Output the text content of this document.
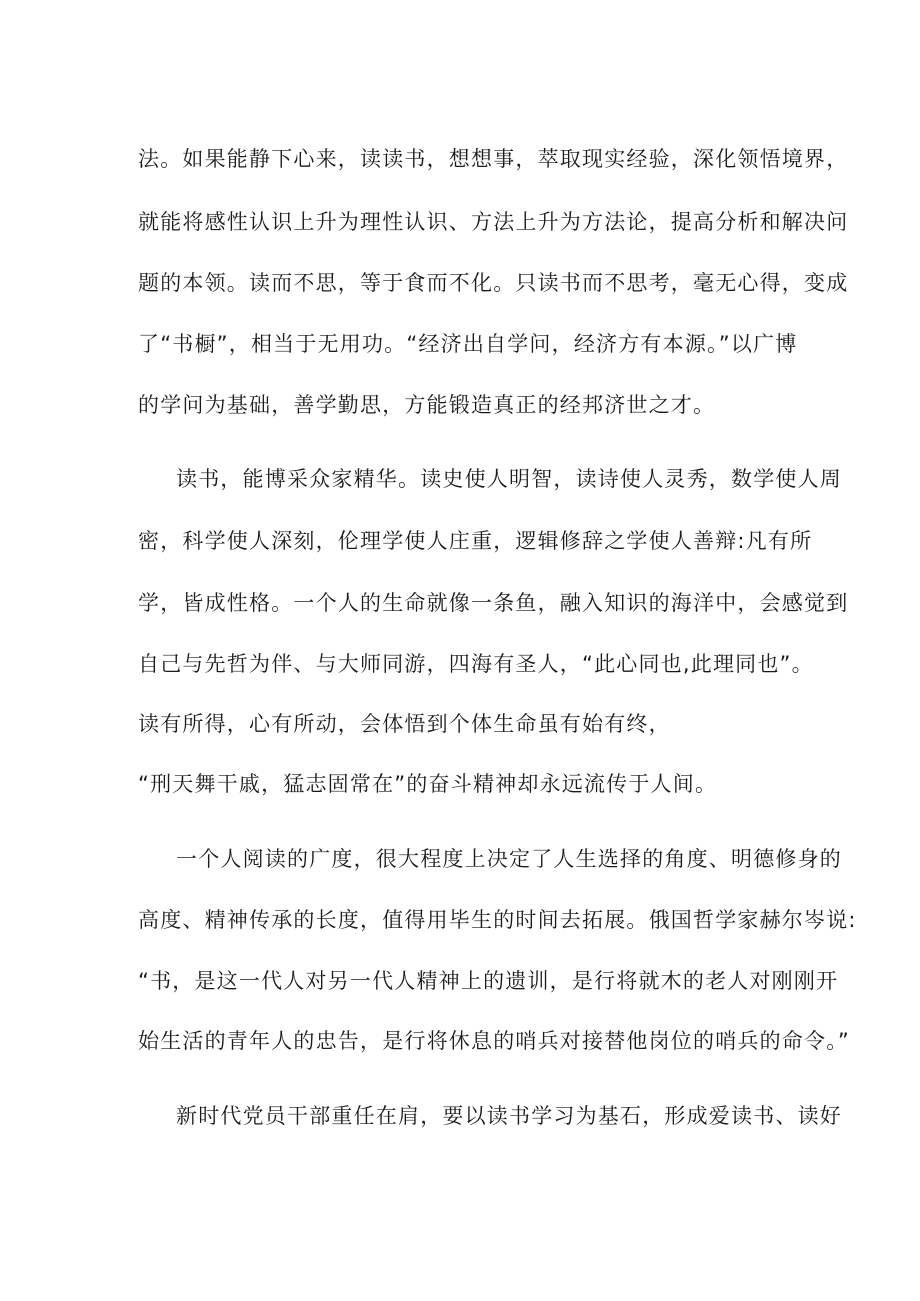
法。如果能静下心来，读读书，想想事，萃取现实经验，深化领悟境界，
就能将感性认识上升为理性认识、方法上升为方法论，提高分析和解决问
题的本领。读而不思，等于食而不化。只读书而不思考，毫无心得，变成
了“书橱”，相当于无用功。“经济出自学问，经济方有本源。”以广博
的学问为基础，善学勤思，方能锻造真正的经邦济世之才。
读书，能博采众家精华。读史使人明智，读诗使人灵秀，数学使人周
密，科学使人深刻，伦理学使人庄重，逻辑修辞之学使人善辩:凡有所
学，皆成性格。一个人的生命就像一条鱼，融入知识的海洋中，会感觉到
自己与先哲为伴、与大师同游，四海有圣人，“此心同也,此理同也”。
读有所得，心有所动，会体悟到个体生命虽有始有终，
“刑天舞干戚，猛志固常在”的奋斗精神却永远流传于人间。
一个人阅读的广度，很大程度上决定了人生选择的角度、明德修身的
高度、精神传承的长度，值得用毕生的时间去拓展。俄国哲学家赫尔岑说:
“书，是这一代人对另一代人精神上的遗训，是行将就木的老人对刚刚开
始生活的青年人的忠告，是行将休息的哨兵对接替他岗位的哨兵的命令。”
新时代党员干部重任在肩，要以读书学习为基石，形成爱读书、读好
